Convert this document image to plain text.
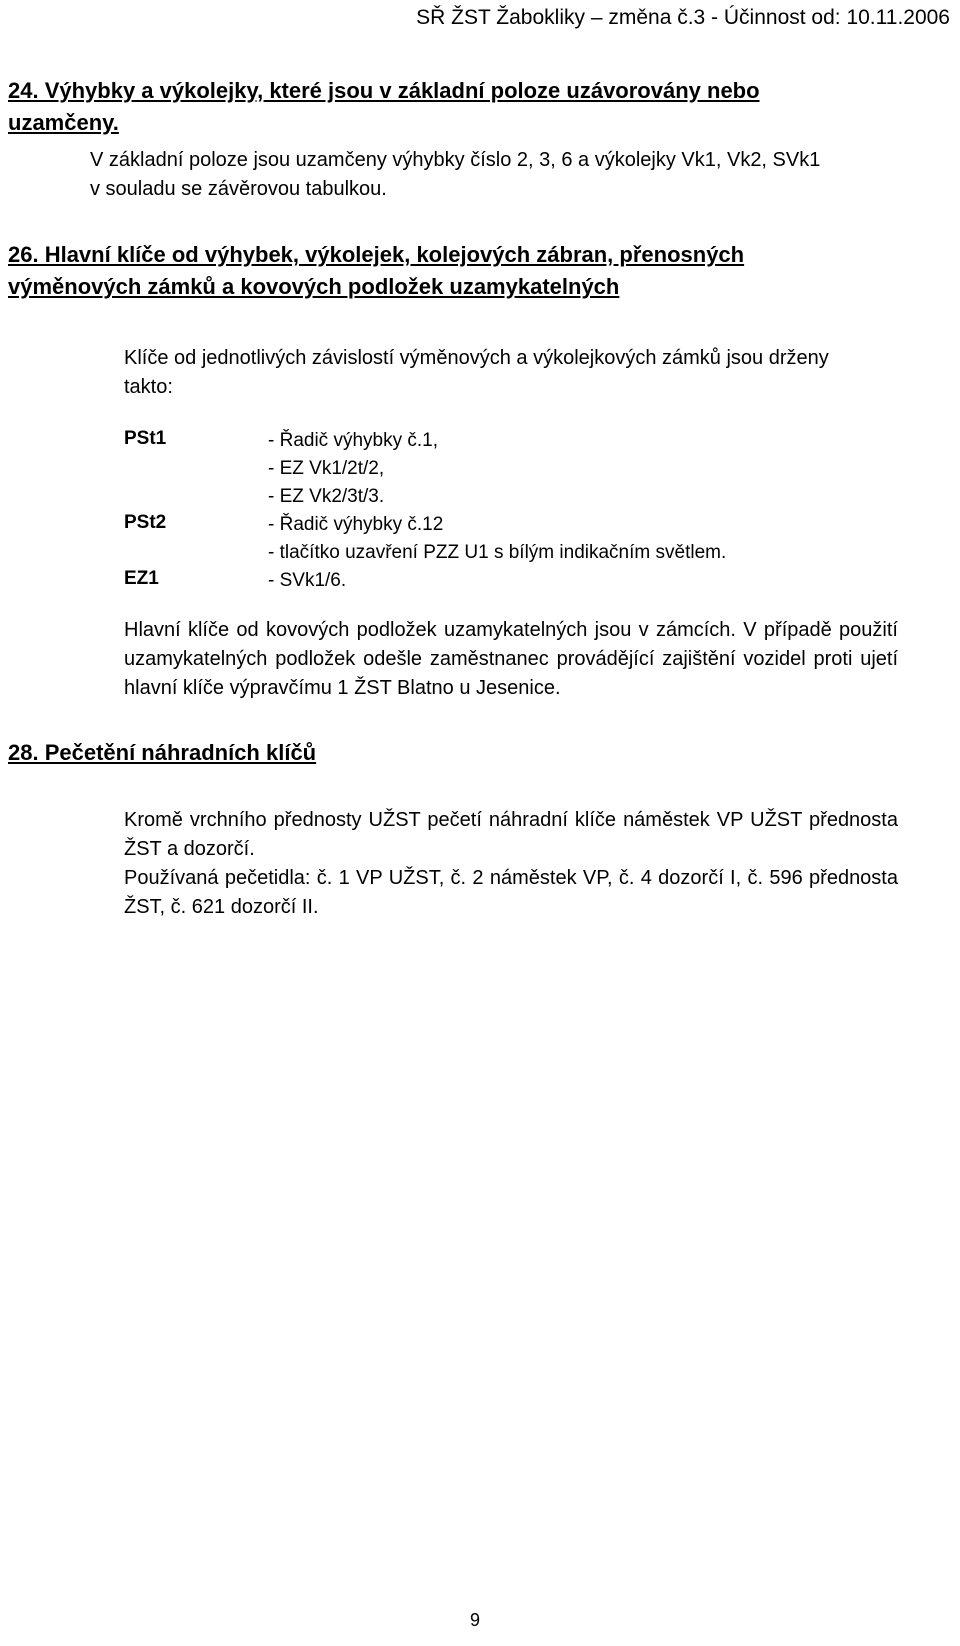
SŘ ŽST Žabokliky – změna č.3 - Účinnost od: 10.11.2006
24. Výhybky a výkolejky, které jsou v základní poloze uzávorovány nebo
uzamčeny.
V základní poloze jsou uzamčeny výhybky číslo 2, 3, 6 a výkolejky Vk1, Vk2, SVk1
v souladu se závěrovou tabulkou.
26. Hlavní klíče od výhybek, výkolejek, kolejových zábran, přenosných
výměnových zámků a kovových podložek uzamykatelných
Klíče od jednotlivých závislostí výměnových a výkolejkových zámků jsou drženy
takto:
PSt1	- Řadič výhybky č.1,
- EZ Vk1/2t/2,
- EZ Vk2/3t/3.
PSt2	- Řadič výhybky č.12
- tlačítko uzavření PZZ U1 s bílým indikačním světlem.
EZ1	- SVk1/6.
Hlavní klíče od kovových podložek uzamykatelných jsou v zámcích. V případě použití uzamykatelných podložek odešle zaměstnanec provádějící zajištění vozidel proti ujetí hlavní klíče výpravčímu 1 ŽST Blatno u Jesenice.
28. Pečetění náhradních klíčů
Kromě vrchního přednosty UŽST pečetí náhradní klíče náměstek VP UŽST přednosta ŽST a dozorčí.
Používaná pečetidla: č. 1 VP UŽST, č. 2 náměstek VP, č. 4 dozorčí I, č. 596 přednosta ŽST, č. 621 dozorčí II.
9
